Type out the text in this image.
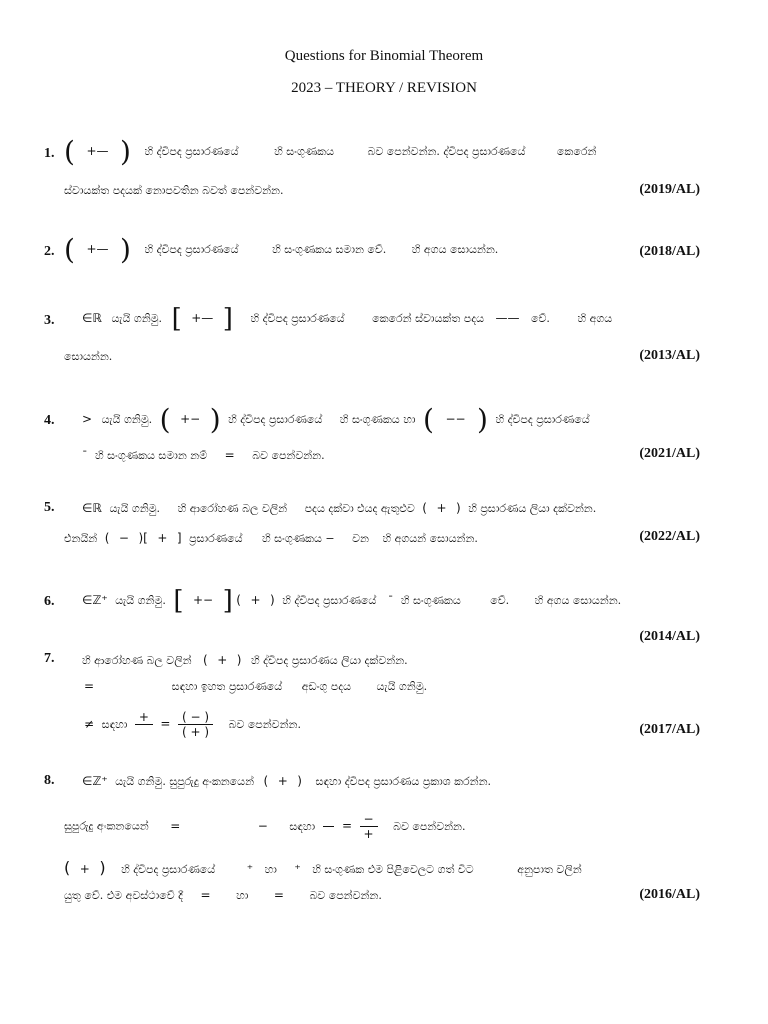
Questions for Binomial Theorem
2023 – THEORY / REVISION
1. ( +— ) හි ද්විපද ප්‍රසාරණයේ	හි සංගුණකය	බව පෙන්වන්න. ද්විපද ප්‍රසාරණයේ	කෙරෙන්
ස්වායක්ත පදයක් නොපවතින බවත් පෙන්වන්න.	(2019/AL)
2. ( +— ) හි ද්විපද ප්‍රසාරණයේ	හි සංගුණකය සමාන වේ. හි අගය සොයන්න.	(2018/AL)
3.	∈ℝ යැයි ගනිමු. [ +— ] හි ද්විපද ප්‍රසාරණයේ	කෙරෙන් ස්වායක්ත පදය —— වේ.	හි අගය
සොයන්න.	(2013/AL)
4.	> යැයි ගනිමු. ( +− ) හි ද්විපද ප්‍රසාරණයේ හි සංගුණකය හා ( −− ) හි ද්විපද ප්‍රසාරණයේ
¯ හි සංගුණකය සමාන නම් = බව පෙන්වන්න.	(2021/AL)
5.	∈ℝ යැයි ගනිමු. හි ආරෝහණ බල වලින් පදය දක්වා එයද ඇතුළුව ( + ) හි ප්‍රසාරණය ලියා දක්වන්න.
එනයින් ( − )[ + ] ප්‍රසාරණයේ හි සංගුණකය − වන හි අගයන් සොයන්න.	(2022/AL)
6.	∈ℤ⁺ යැයි ගනිමු. [ +− ] ( + ) හි ද්විපද ප්‍රසාරණයේ ¯ හි සංගුණකය	වේ. හි අගය සොයන්න.
(2014/AL)
7.	හි ආරෝහණ බල වලින් ( + ) හි ද්විපද ප්‍රසාරණය ලියා දක්වන්න.
=	සඳහා ඉහත ප්‍රසාරණයේ අඩංගු පදය යැයි ගනිමු.
≠ සඳහා +
= $\frac{( - )}{( + )}$ බව පෙන්වන්න.	(2017/AL)
8.	∈ℤ⁺ යැයි ගනිමු. සුපුරුදු අංකනයෙන් ( + ) සඳහා ද්විපද ප්‍රසාරණය ප්‍රකාශ කරන්න.
සුපුරුදු අංකනයෙන් =	− සඳහා

= $\frac{-}{+}$ බව පෙන්වන්න.
( + ) හි ද්විපද ප්‍රසාරණයේ	⁺ හා ⁺ හි සංගුණක එම පිළිවෙලට ගත් විට	අනුපාත වලින්
යුතු වේ. එම අවස්ථාවේ දී = හා = බව පෙන්වන්න.	(2016/AL)
